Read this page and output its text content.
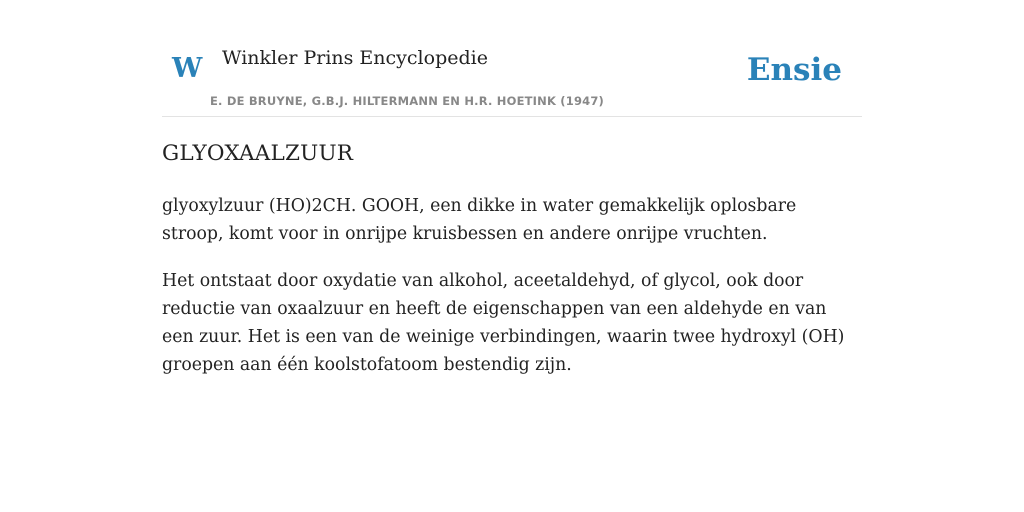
W Winkler Prins Encyclopedie
E. DE BRUYNE, G.B.J. HILTERMANN EN H.R. HOETINK (1947)
Ensie
GLYOXAALZUUR

glyoxylzuur (HO)2CH. GOOH, een dikke in water gemakkelijk oplosbare stroop, komt voor in onrijpe kruisbessen en andere onrijpe vruchten.

Het ontstaat door oxydatie van alkohol, aceetaldehyd, of glycol, ook door reductie van oxaalzuur en heeft de eigenschappen van een aldehyde en van een zuur. Het is een van de weinige verbindingen, waarin twee hydroxyl (OH) groepen aan één koolstofatoom bestendig zijn.
